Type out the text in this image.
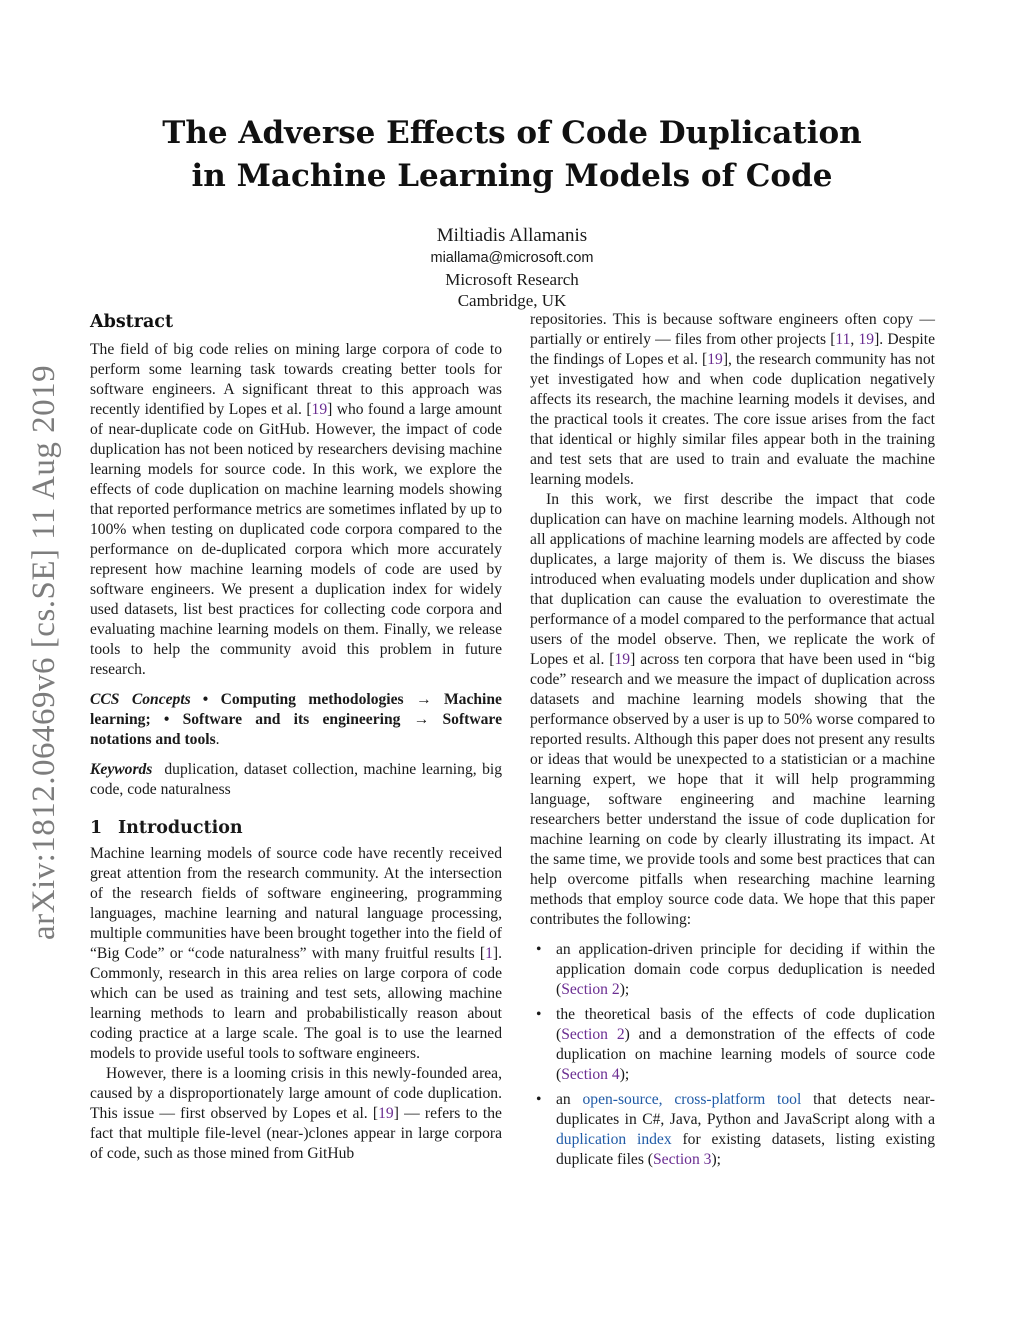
arXiv:1812.06469v6 [cs.SE] 11 Aug 2019
The Adverse Effects of Code Duplication
in Machine Learning Models of Code
Miltiadis Allamanis
miallama@microsoft.com
Microsoft Research
Cambridge, UK
Abstract

The field of big code relies on mining large corpora of code to perform some learning task towards creating better tools for software engineers. A significant threat to this approach was recently identified by Lopes et al. [19] who found a large amount of near-duplicate code on GitHub. However, the impact of code duplication has not been noticed by researchers devising machine learning models for source code. In this work, we explore the effects of code duplication on machine learning models showing that reported performance metrics are sometimes inflated by up to 100% when testing on duplicated code corpora compared to the performance on de-duplicated corpora which more accurately represent how machine learning models of code are used by software engineers. We present a duplication index for widely used datasets, list best practices for collecting code corpora and evaluating machine learning models on them. Finally, we release tools to help the community avoid this problem in future research.

CCS Concepts • Computing methodologies → Machine learning; • Software and its engineering → Software notations and tools.

Keywords duplication, dataset collection, machine learning, big code, code naturalness

1 Introduction

Machine learning models of source code have recently received great attention from the research community. At the intersection of the research fields of software engineering, programming languages, machine learning and natural language processing, multiple communities have been brought together into the field of “Big Code” or “code naturalness” with many fruitful results [1]. Commonly, research in this area relies on large corpora of code which can be used as training and test sets, allowing machine learning methods to learn and probabilistically reason about coding practice at a large scale. The goal is to use the learned models to provide useful tools to software engineers.

However, there is a looming crisis in this newly-founded area, caused by a disproportionately large amount of code duplication. This issue — first observed by Lopes et al. [19] — refers to the fact that multiple file-level (near-)clones appear in large corpora of code, such as those mined from GitHub

repositories. This is because software engineers often copy — partially or entirely — files from other projects [11, 19]. Despite the findings of Lopes et al. [19], the research community has not yet investigated how and when code duplication negatively affects its research, the machine learning models it devises, and the practical tools it creates. The core issue arises from the fact that identical or highly similar files appear both in the training and test sets that are used to train and evaluate the machine learning models.

In this work, we first describe the impact that code duplication can have on machine learning models. Although not all applications of machine learning models are affected by code duplicates, a large majority of them is. We discuss the biases introduced when evaluating models under duplication and show that duplication can cause the evaluation to overestimate the performance of a model compared to the performance that actual users of the model observe. Then, we replicate the work of Lopes et al. [19] across ten corpora that have been used in “big code” research and we measure the impact of duplication across datasets and machine learning models showing that the performance observed by a user is up to 50% worse compared to reported results. Although this paper does not present any results or ideas that would be unexpected to a statistician or a machine learning expert, we hope that it will help programming language, software engineering and machine learning researchers better understand the issue of code duplication for machine learning on code by clearly illustrating its impact. At the same time, we provide tools and some best practices that can help overcome pitfalls when researching machine learning methods that employ source code data. We hope that this paper contributes the following:

• an application-driven principle for deciding if within the application domain code corpus deduplication is needed (Section 2);
• the theoretical basis of the effects of code duplication (Section 2) and a demonstration of the effects of code duplication on machine learning models of source code (Section 4);
• an open-source, cross-platform tool that detects near-duplicates in C#, Java, Python and JavaScript along with a duplication index for existing datasets, listing existing duplicate files (Section 3);
